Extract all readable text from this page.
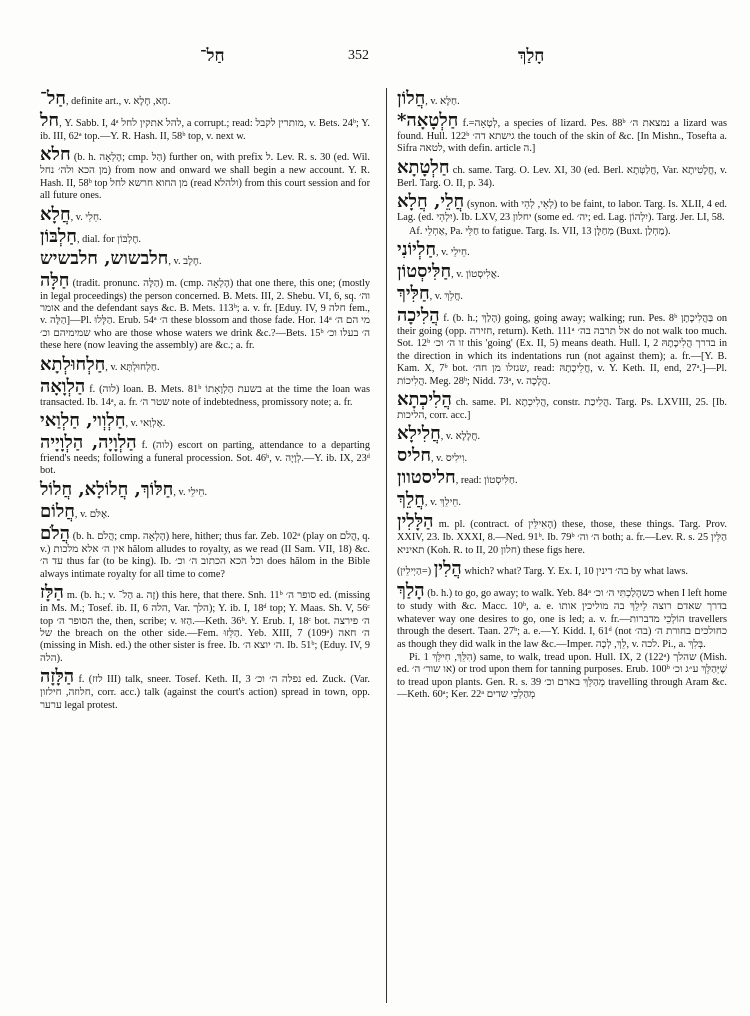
חַל־	352	חָלַךְ
חַל־, definite art., v. חָא, חָלָא.
חל, Y. Sabb. I, 4ᵃ להל אתקין לחל, a corrupt.; read: מותרין לקבל, v. Bets. 24ᵇ; Y. ib. III, 62ᵃ top.—Y. R. Hash. II, 58ᵇ top, v. next w.
חלא (b. h. הָלְאָה; cmp. הַל) further on, with prefix ל. Lev. R. s. 30 (ed. Wil. מן הכא ולה׳ נחל) from now and onward we shall begin a new account. Y. R. Hash. II, 58ᵇ top מן החוא חרשא לחל (read ולהלא) from this court session and for all future ones.
חֲלָא, v. חֵלֵי.
חַלְבּוֹן, dial. for חֶלְבּוֹן.
חלבשוש, חלבשיש, v. חָלָב.
חַלָּה (tradit. pronunc. הַלָּה) m. (cmp. הָלְאָה) that one there, this one; (mostly in legal proceedings) the person concerned. B. Mets. III, 2. Shebu. VI, 6, sq. וה׳ אומר and the defendant says &c. B. Mets. 113ᵇ; a. v. fr. [Eduy. IV, 9 חלה fem., v. הַלָּה]—Pl. הַלָּלוּ. Erub. 54ᵃ ה׳ these blossom and those fade. Hor. 14ᵃ מי הם ה׳ שמימיהם וכ׳ who are those whose waters we drink &c.?—Bets. 15ᵇ ה׳ בעלו וכ׳ these here (now leaving the assembly) are &c.; a. fr.
חַלְחוּלְתָא, v. חַלְחוּלְתָּא.
הַלְוָאָה f. (לוה) loan. B. Mets. 81ᵇ בשעת הַלְוָאָתוֹ at the time the loan was transacted. Ib. 14ᵃ, a. fr. שטר ה׳ note of indebtedness, promissory note; a. fr.
חַלְוְוי, חַלְוַאי, v. אַלְוַאי.
הַלְוָיָה, הַלְוָיָיה f. (לוה) escort on parting, attendance to a departing friend's needs; following a funeral procession. Sot. 46ᵇ, v. לְוָיָה.—Y. ib. IX, 23ᵈ bot.
חַלּוֹךְ, חֲלוֹלָא, חֲלוֹל, v. חֵילֵי.
חֲלוֹם, v. אֶלֹּם.
הֲלֹם (b. h. הֲלֹם; cmp. הָלְאָה) here, hither; thus far. Zeb. 102ᵃ (play on הֲלֹם, q. v.) אין ה׳ אלא מלכות hălom alludes to royalty, as we read (II Sam. VII, 18) &c. עד ה׳ thus far (to be king). Ib. וכל הכא הכתוב ה׳ וכ׳ does hălom in the Bible always intimate royalty for all time to come?
הַלָּז m. (b. h.; v. הַל־ a. זֶה) this here, that there. Snh. 11ᵇ סופר ה׳ ed. (missing in Ms. M.; Tosef. ib. II, 6 הלה, Var. הלך); Y. ib. I, 18ᵈ top; Y. Maas. Sh. V, 56ᶜ top הסופר ה׳ the, then, scribe; v. הַזּוּ.—Keth. 36ᵇ. Y. Erub. I, 18ᶜ bot. ה׳ פירצה של the breach on the other side.—Fem. הַלֵּזוּ. Yeb. XIII, 7 (109ᵃ) ה׳ חאה (missing in Mish. ed.) the other sister is free. Ib. ה׳ יוצא ה׳. Ib. 51ᵇ; (Eduy. IV, 9 הלה).
הַלָּזָה f. (לזז III) talk, sneer. Tosef. Keth. II, 3 נפלה ה׳ וכ׳ ed. Zuck. (Var. חלוזה, חילזון, corr. acc.) talk (against the court's action) spread in town, opp. ערער legal protest.
חֲלוֹן, v. חַלָּא.
*חַלְטָאָה f.=לְטָאָה, a species of lizard. Pes. 88ᵇ נמצאת ה׳ a lizard was found. Hull. 122ᵇ גישתא דה׳ the touch of the skin of &c. [In Mishn., Tosefta a. Sifra לטאה, with defin. article ה.]
חַלְטָתָא ch. same. Targ. O. Lev. XI, 30 (ed. Berl. חֲלַטְּתָא, Var. חֲלָטִיתָא, v. Berl. Targ. O. II, p. 34).
חֲלֵי, חֲלָא (synon. with לְאֵי, לְהֵי) to be faint, to labor. Targ. Is. XLII, 4 ed. Lag. (ed. יִלְהֵי). Ib. LXV, 23 יחלון (some ed. יה׳; ed. Lag. יִלְהוֹן). Targ. Jer. LI, 58.
Af. אַחְלֵי, Pa. חַלֵּי to fatigue. Targ. Is. VII, 13 מְחַלָּן (Buxt. מַחְלַן).
חַלְיוֹנִי, v. חֵילֵי.
חַלִּיסְטוֹן, v. אֲלִיסְטוֹן.
חַלִּיךְ, v. חֲלֵךְ.
הֲלִיכָה f. (b. h.; הָלַךְ) going, going away; walking; run. Pes. 8ᵇ בַּהֲלִיכָתָן on their going (opp. חזירה, return). Keth. 111ᵃ אל תרבה בה׳ do not walk too much. Sot. 12ᵇ זו ה׳ וכ׳ this 'going' (Ex. II, 5) means death. Hull. I, 2 בדרך הֲלִיכָתָהּ in the direction in which its indentations run (not against them); a. fr.—[Y. B. Kam. X, 7ᵇ bot. שגזלו מן חה׳, read: חֲלֵיכָתָהּ, v. Y. Keth. II, end, 27ᵃ.]—Pl. הֲלִיכוֹת. Meg. 28ᵇ; Nidd. 73ᵃ, v. הֲלָכָה.
הֲלִיכְתָא ch. same. Pl. הֲלִיכְתָא, constr. הֲלִיכַת. Targ. Ps. LXVIII, 25. [Ib. הליכות, corr. acc.]
חֲלִילָא, v. חֲלָלָא.
חליס, v. וִילִיס.
חליסטוון, read: חַלִּיסְטוֹן.
חֲלֵךְ, v. חֵילֵךְ.
הַלָּלִין m. pl. (contract. of הָאִילֵּין) these, those, these things. Targ. Prov. XXIV, 23. Ib. XXXI, 8.—Ned. 91ᵇ. Ib. 79ᵇ ה׳ וה׳ both; a. fr.—Lev. R. s. 25 הַלֵּין תאיניא (Koh. R. to II, 20 חלון) these figs here.
הֲלִין (=הַיְילֵין) which? what? Targ. Y. Ex. I, 10 בה׳ דינין by what laws.
הָלַךְ (b. h.) to go, go away; to walk. Yeb. 84ᵃ כשהָלַכְתִּי ה׳ וכ׳ when I left home to study with &c. Macc. 10ᵇ, a. e. בדרך שאדם רוצה לֵילֵךְ בה מוליכין אותו whatever way one desires to go, one is led; a. v. fr.—הוֹלְכֵי מדברות travellers through the desert. Taan. 27ᵇ; a. e.—Y. Kidd. I, 61ᵈ (not בה׳) כחולכים בחורת ה׳ as though they did walk in the law &c.—Imper. לֵךְ, לְכָה, v. לכה. Pi., a. בְּלִךְ.
Pi. הִלֵּךְ, חִילֵּךְ 1) same, to walk, tread upon. Hull. IX, 2 (122ᵃ) שהלך (Mish. ed. או שור׳ ה׳) or trod upon them for tanning purposes. Erub. 100ᵇ שֶׁיְּהַלֵּךְ ע״ג וכ׳ to tread upon plants. Gen. R. s. 39 מְהַלֵּךְ בארם וכ׳ travelling through Aram &c.—Keth. 60ᵃ; Ker. 22ᵃ מְהַלְכֵי שדים
